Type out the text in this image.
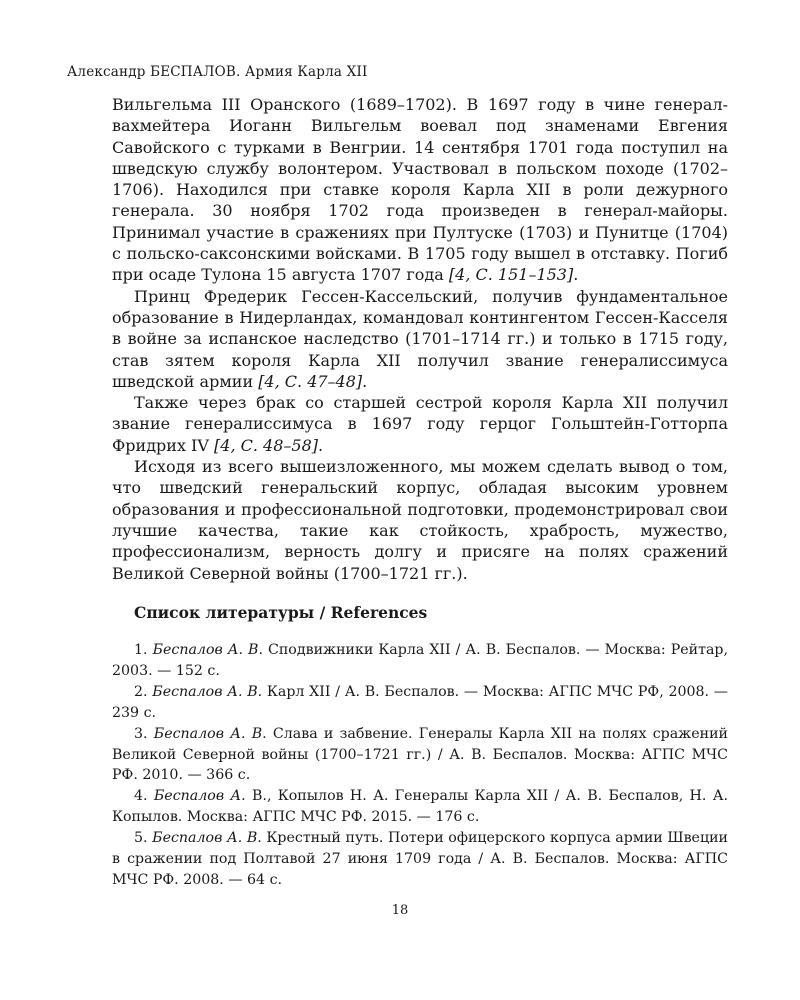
Александр БЕСПАЛОВ. Армия Карла XII

Вильгельма III Оранского (1689–1702). В 1697 году в чине генерал-вахмейтера Иоганн Вильгельм воевал под знаменами Евгения Савойского с турками в Венгрии. 14 сентября 1701 года поступил на шведскую службу волонтером. Участвовал в польском походе (1702–1706). Находился при ставке короля Карла XII в роли дежурного генерала. 30 ноября 1702 года произведен в генерал-майоры. Принимал участие в сражениях при Пултуске (1703) и Пунитце (1704) с польско-саксонскими войсками. В 1705 году вышел в отставку. Погиб при осаде Тулона 15 августа 1707 года [4, С. 151–153].

Принц Фредерик Гессен-Кассельский, получив фундаментальное образование в Нидерландах, командовал контингентом Гессен-Касселя в войне за испанское наследство (1701–1714 гг.) и только в 1715 году, став зятем короля Карла XII получил звание генералиссимуса шведской армии [4, С. 47–48].

Также через брак со старшей сестрой короля Карла XII получил звание генералиссимуса в 1697 году герцог Гольштейн-Готторпа Фридрих IV [4, С. 48–58].

Исходя из всего вышеизложенного, мы можем сделать вывод о том, что шведский генеральский корпус, обладая высоким уровнем образования и профессиональной подготовки, продемонстрировал свои лучшие качества, такие как стойкость, храбрость, мужество, профессионализм, верность долгу и присяге на полях сражений Великой Северной войны (1700–1721 гг.).

Список литературы / References

1. Беспалов А. В. Сподвижники Карла XII / А. В. Беспалов. — Москва: Рейтар, 2003. — 152 с.

2. Беспалов А. В. Карл XII / А. В. Беспалов. — Москва: АГПС МЧС РФ, 2008. — 239 с.

3. Беспалов А. В. Слава и забвение. Генералы Карла XII на полях сражений Великой Северной войны (1700–1721 гг.) / А. В. Беспалов. Москва: АГПС МЧС РФ. 2010. — 366 с.

4. Беспалов А. В., Копылов Н. А. Генералы Карла XII / А. В. Беспалов, Н. А. Копылов. Москва: АГПС МЧС РФ. 2015. — 176 с.

5. Беспалов А. В. Крестный путь. Потери офицерского корпуса армии Швеции в сражении под Полтавой 27 июня 1709 года / А. В. Беспалов. Москва: АГПС МЧС РФ. 2008. — 64 с.

18
